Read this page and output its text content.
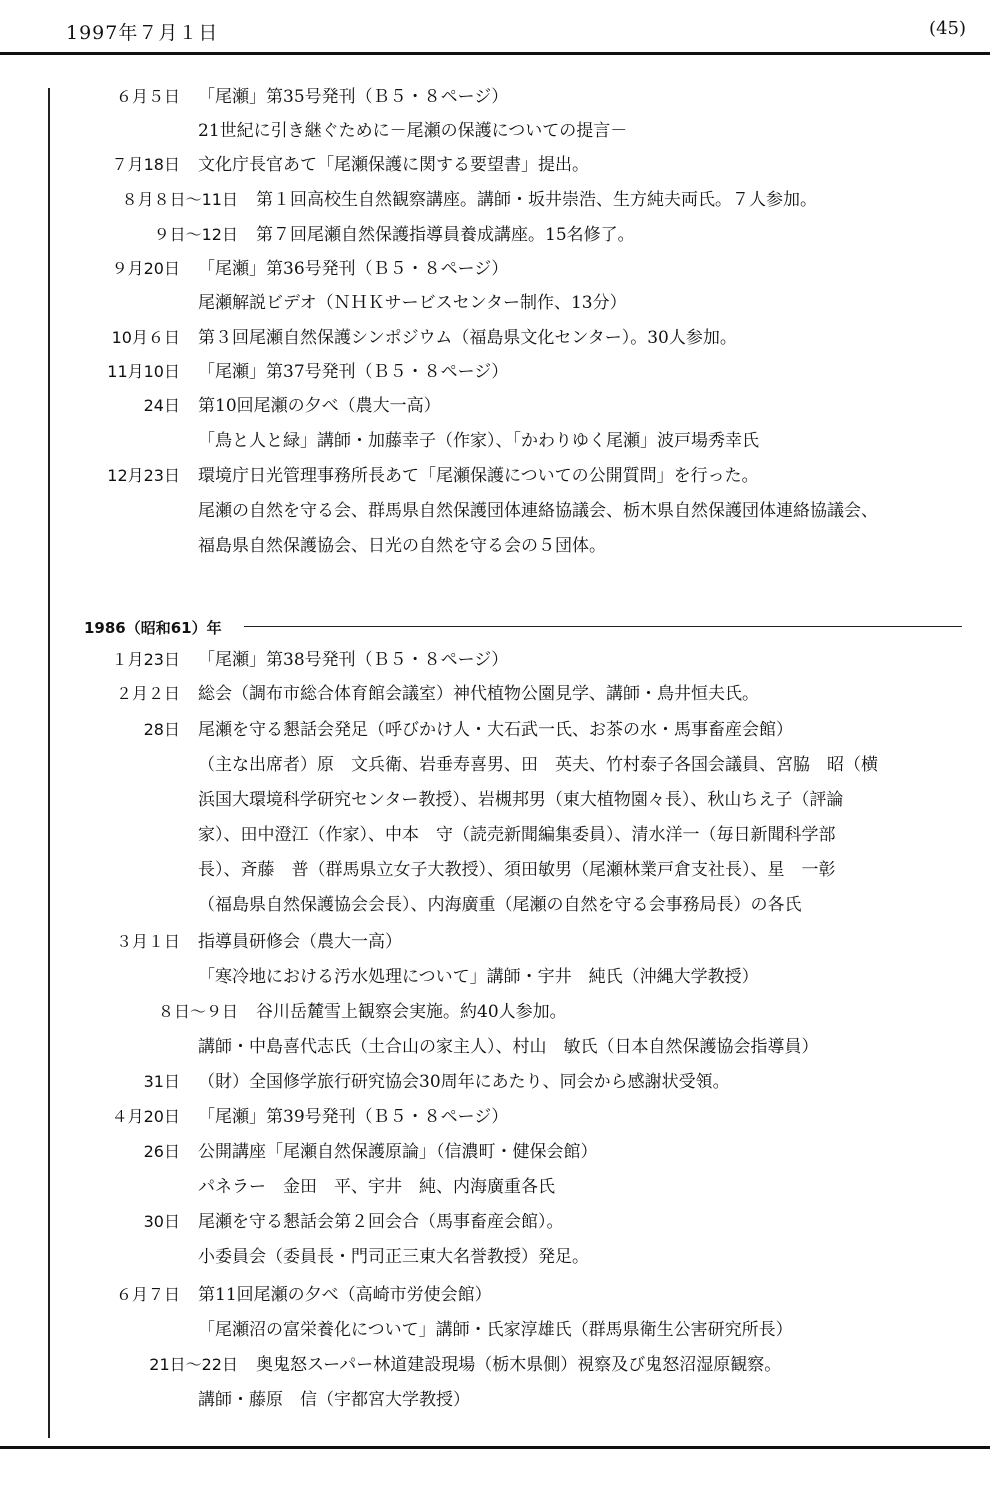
1997年７月１日	(45)
1986（昭和61）年
６月５日 「尾瀬」第35号発刊（Ｂ５・８ページ）
21世紀に引き継ぐために－尾瀬の保護についての提言－
７月18日 文化庁長官あて「尾瀬保護に関する要望書」提出。
８月８日～11日 第１回高校生自然観察講座。講師・坂井崇浩、生方純夫両氏。７人参加。
９日～12日 第７回尾瀬自然保護指導員養成講座。15名修了。
９月20日 「尾瀬」第36号発刊（Ｂ５・８ページ）
尾瀬解説ビデオ（ＮＨＫサービスセンター制作、13分）
10月６日 第３回尾瀬自然保護シンポジウム（福島県文化センター）。30人参加。
11月10日 「尾瀬」第37号発刊（Ｂ５・８ページ）
24日 第10回尾瀬の夕べ（農大一高）
「鳥と人と緑」講師・加藤幸子（作家）、「かわりゆく尾瀬」波戸場秀幸氏
12月23日 環境庁日光管理事務所長あて「尾瀬保護についての公開質問」を行った。
尾瀬の自然を守る会、群馬県自然保護団体連絡協議会、栃木県自然保護団体連絡協議会、
福島県自然保護協会、日光の自然を守る会の５団体。
１月23日 「尾瀬」第38号発刊（Ｂ５・８ページ）
２月２日 総会（調布市総合体育館会議室）神代植物公園見学、講師・鳥井恒夫氏。
28日 尾瀬を守る懇話会発足（呼びかけ人・大石武一氏、お茶の水・馬事畜産会館）
（主な出席者）原　文兵衛、岩垂寿喜男、田　英夫、竹村泰子各国会議員、宮脇　昭（横
浜国大環境科学研究センター教授）、岩槻邦男（東大植物園々長）、秋山ちえ子（評論
家）、田中澄江（作家）、中本　守（読売新聞編集委員）、清水洋一（毎日新聞科学部
長）、斉藤　普（群馬県立女子大教授）、須田敏男（尾瀬林業戸倉支社長）、星　一彰
（福島県自然保護協会会長）、内海廣重（尾瀬の自然を守る会事務局長）の各氏
３月１日 指導員研修会（農大一高）
「寒冷地における汚水処理について」講師・宇井　純氏（沖縄大学教授）
８日～９日 谷川岳麓雪上観察会実施。約40人参加。
講師・中島喜代志氏（土合山の家主人）、村山　敏氏（日本自然保護協会指導員）
31日 （財）全国修学旅行研究協会30周年にあたり、同会から感謝状受領。
４月20日 「尾瀬」第39号発刊（Ｂ５・８ページ）
26日 公開講座「尾瀬自然保護原論」（信濃町・健保会館）
パネラー　金田　平、宇井　純、内海廣重各氏
30日 尾瀬を守る懇話会第２回会合（馬事畜産会館）。
小委員会（委員長・門司正三東大名誉教授）発足。
６月７日 第11回尾瀬の夕べ（高崎市労使会館）
「尾瀬沼の富栄養化について」講師・氏家淳雄氏（群馬県衛生公害研究所長）
21日～22日 奥鬼怒スーパー林道建設現場（栃木県側）視察及び鬼怒沼湿原観察。
講師・藤原　信（宇都宮大学教授）
